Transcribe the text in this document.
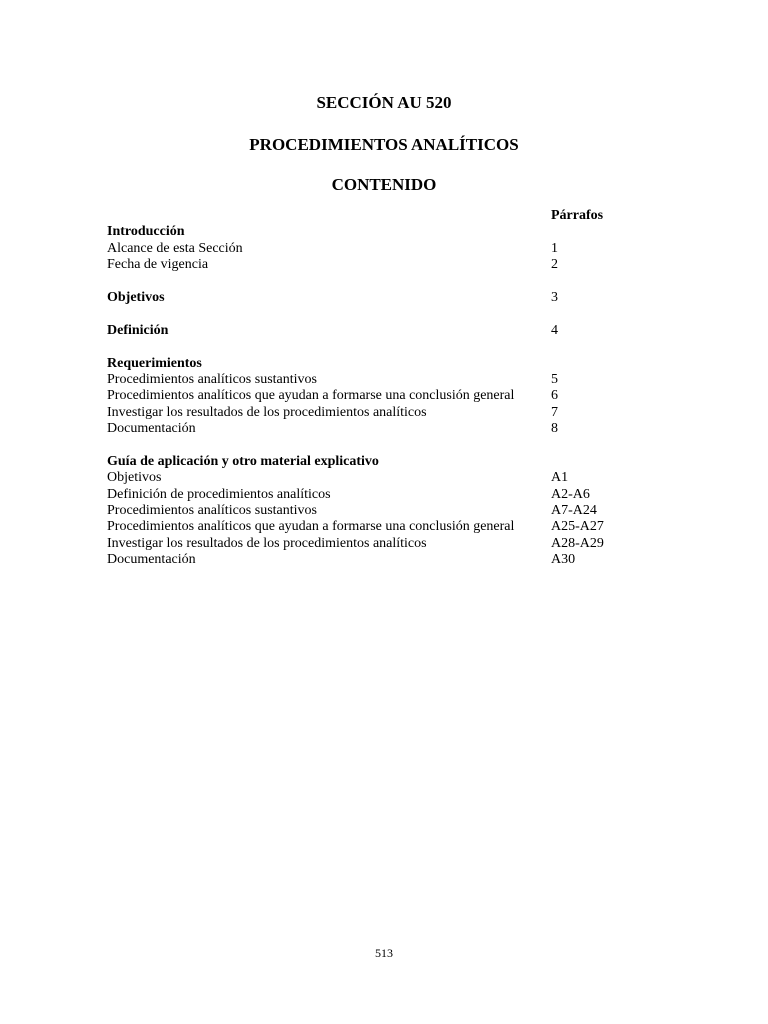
SECCIÓN AU 520
PROCEDIMIENTOS ANALÍTICOS
CONTENIDO
Párrafos
Introducción
Alcance de esta Sección	1
Fecha de vigencia	2
Objetivos	3
Definición	4
Requerimientos
Procedimientos analíticos sustantivos	5
Procedimientos analíticos que ayudan a formarse una conclusión general	6
Investigar los resultados de los procedimientos analíticos	7
Documentación	8
Guía de aplicación y otro material explicativo
Objetivos	A1
Definición de procedimientos analíticos	A2-A6
Procedimientos analíticos sustantivos	A7-A24
Procedimientos analíticos que ayudan a formarse una conclusión general	A25-A27
Investigar los resultados de los procedimientos analíticos	A28-A29
Documentación	A30
513
